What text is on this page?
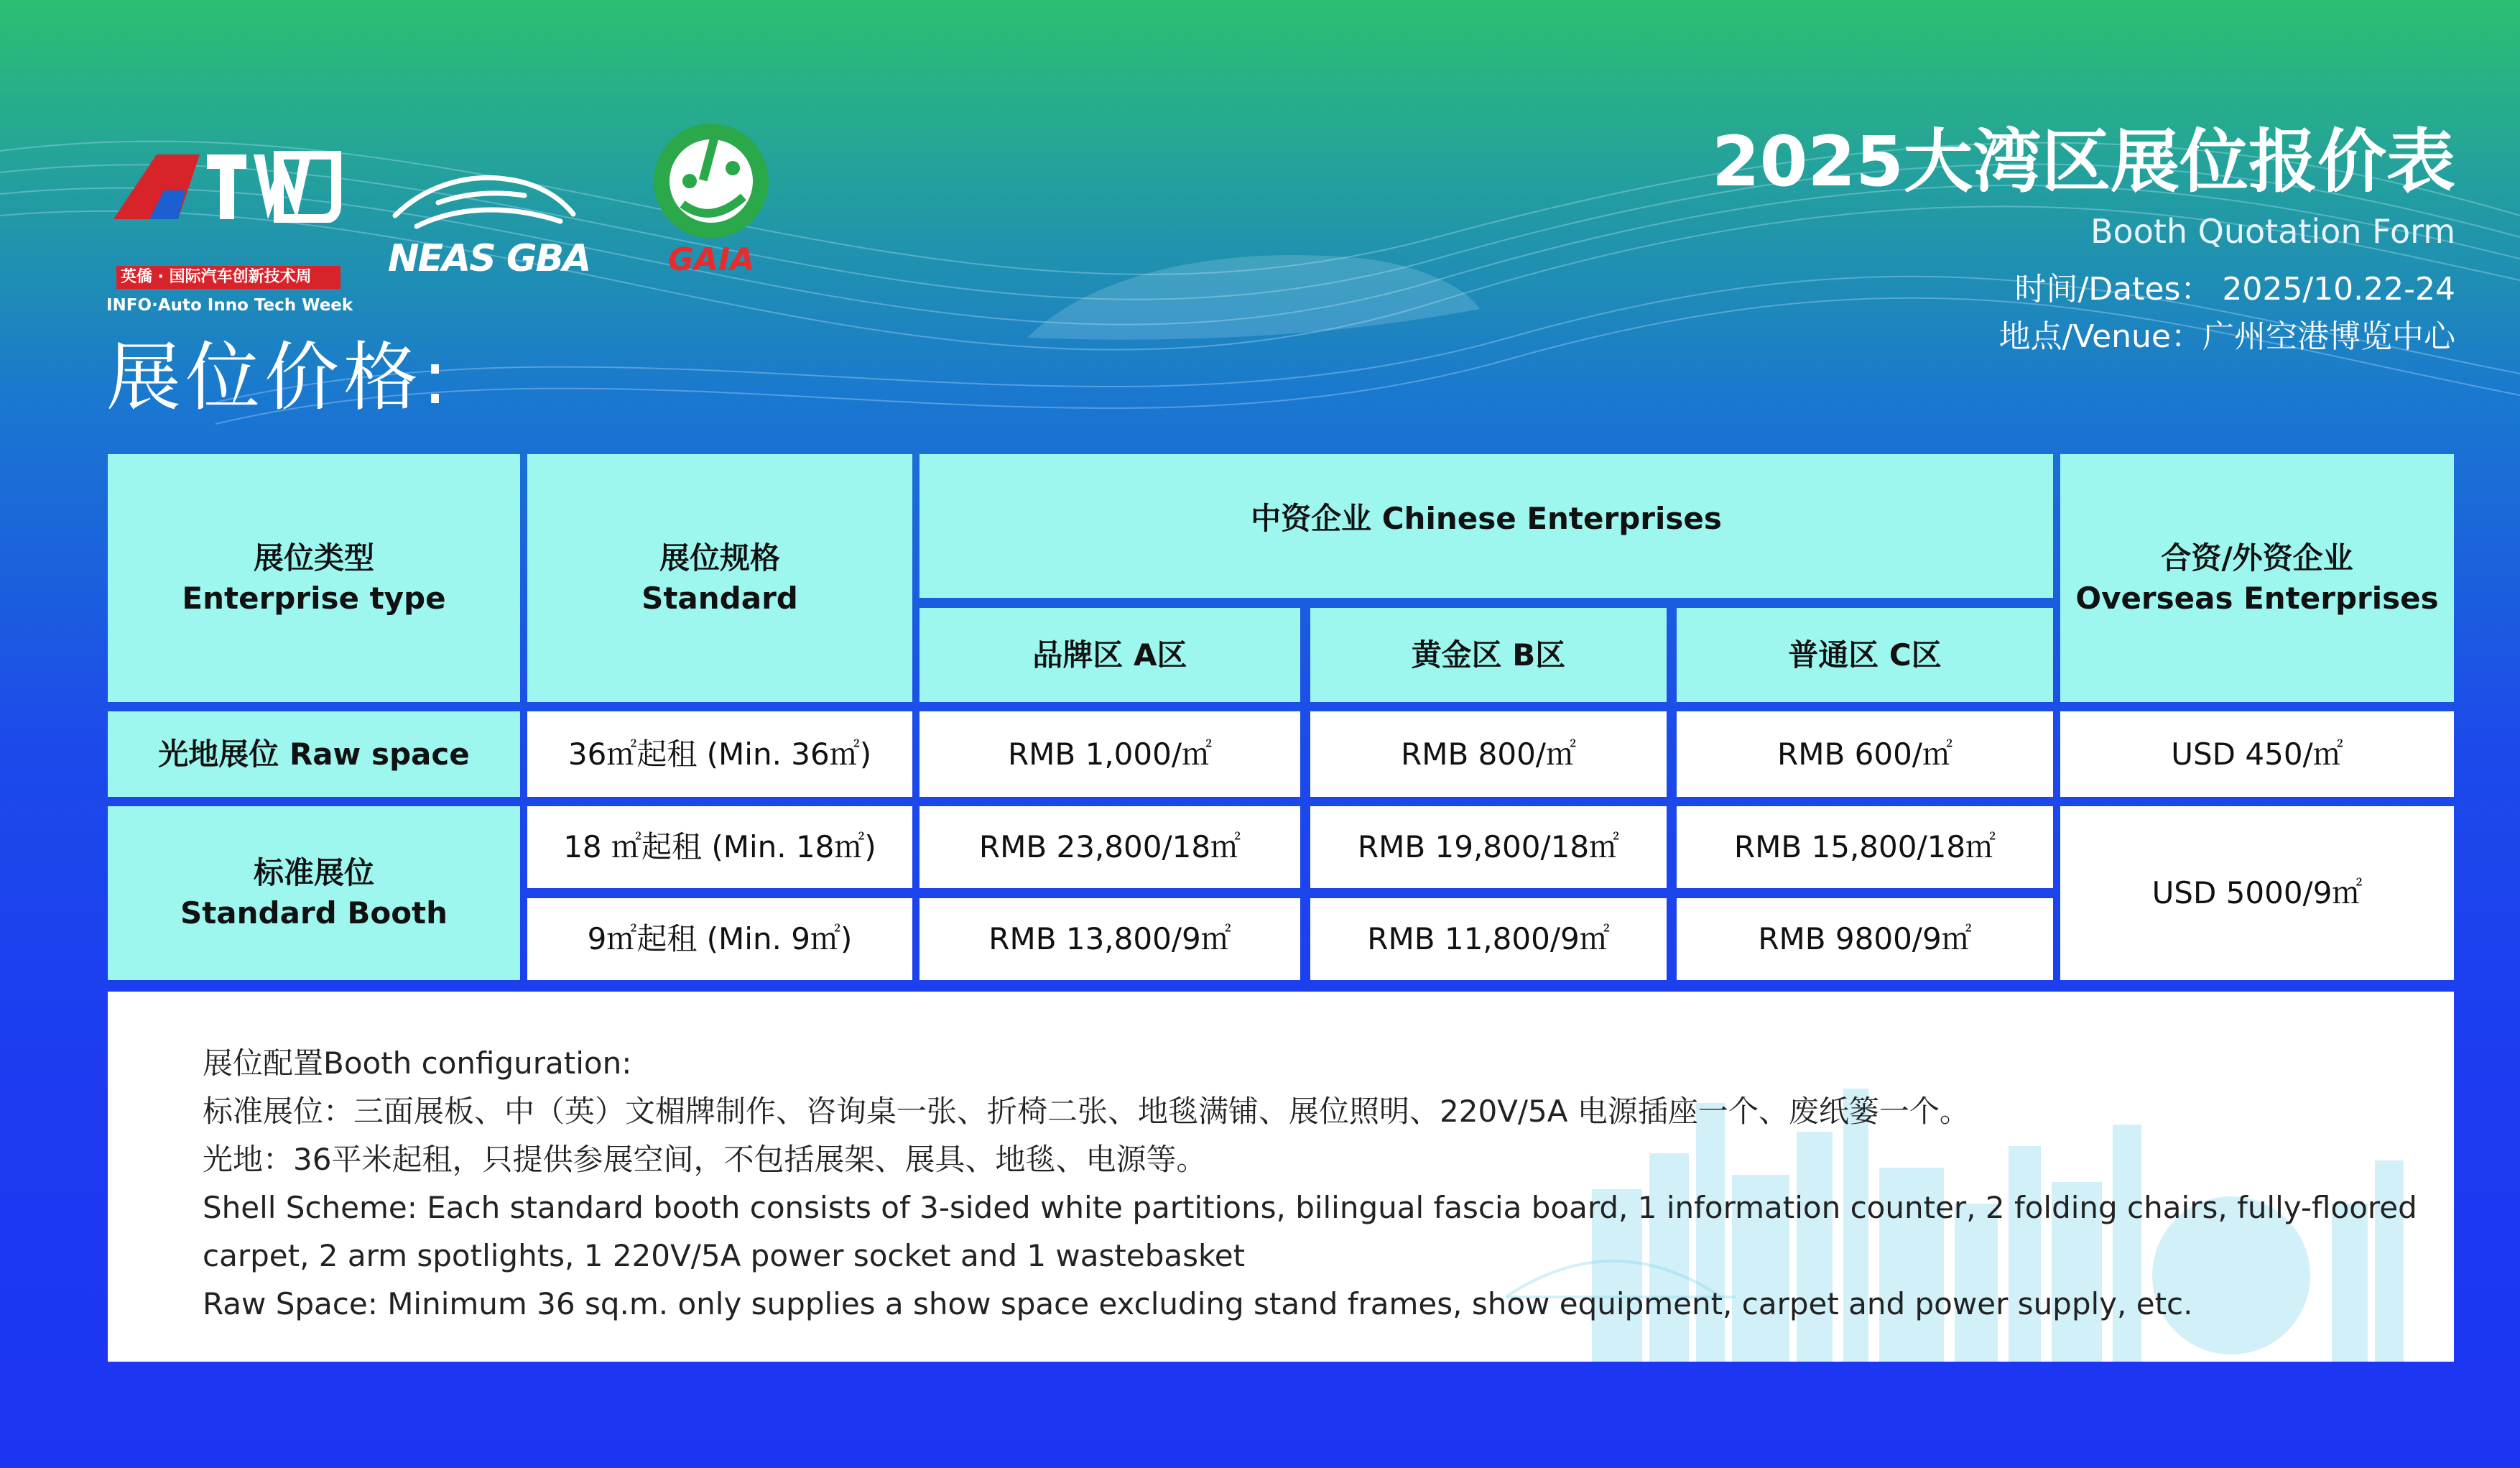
英僑 · 国际汽车创新技术周
INFO·Auto Inno Tech Week
NEAS GBA	GAIA
2025大湾区展位报价表
Booth Quotation Form
时间/Dates： 2025/10.22-24
地点/Venue：广州空港博览中心
展位价格:
展位类型
Enterprise type
展位规格
Standard
中资企业 Chinese Enterprises
合资/外资企业
Overseas Enterprises
品牌区 A区	黄金区 B区	普通区 C区
光地展位 Raw space	36㎡起租 (Min. 36㎡)	RMB 1,000/㎡	RMB 800/㎡	RMB 600/㎡	USD 450/㎡
标准展位
Standard Booth
18 ㎡起租 (Min. 18㎡)	RMB 23,800/18㎡	RMB 19,800/18㎡	RMB 15,800/18㎡
9㎡起租 (Min. 9㎡)	RMB 13,800/9㎡	RMB 11,800/9㎡	RMB 9800/9㎡
USD 5000/9㎡
展位配置Booth configuration:
标准展位：三面展板、中（英）文楣牌制作、咨询桌一张、折椅二张、地毯满铺、展位照明、220V/5A 电源插座一个、废纸篓一个。
光地：36平米起租，只提供参展空间，不包括展架、展具、地毯、电源等。
Shell Scheme: Each standard booth consists of 3-sided white partitions, bilingual fascia board, 1 information counter, 2 folding chairs, fully-floored
carpet, 2 arm spotlights, 1 220V/5A power socket and 1 wastebasket
Raw Space: Minimum 36 sq.m. only supplies a show space excluding stand frames, show equipment, carpet and power supply, etc.
